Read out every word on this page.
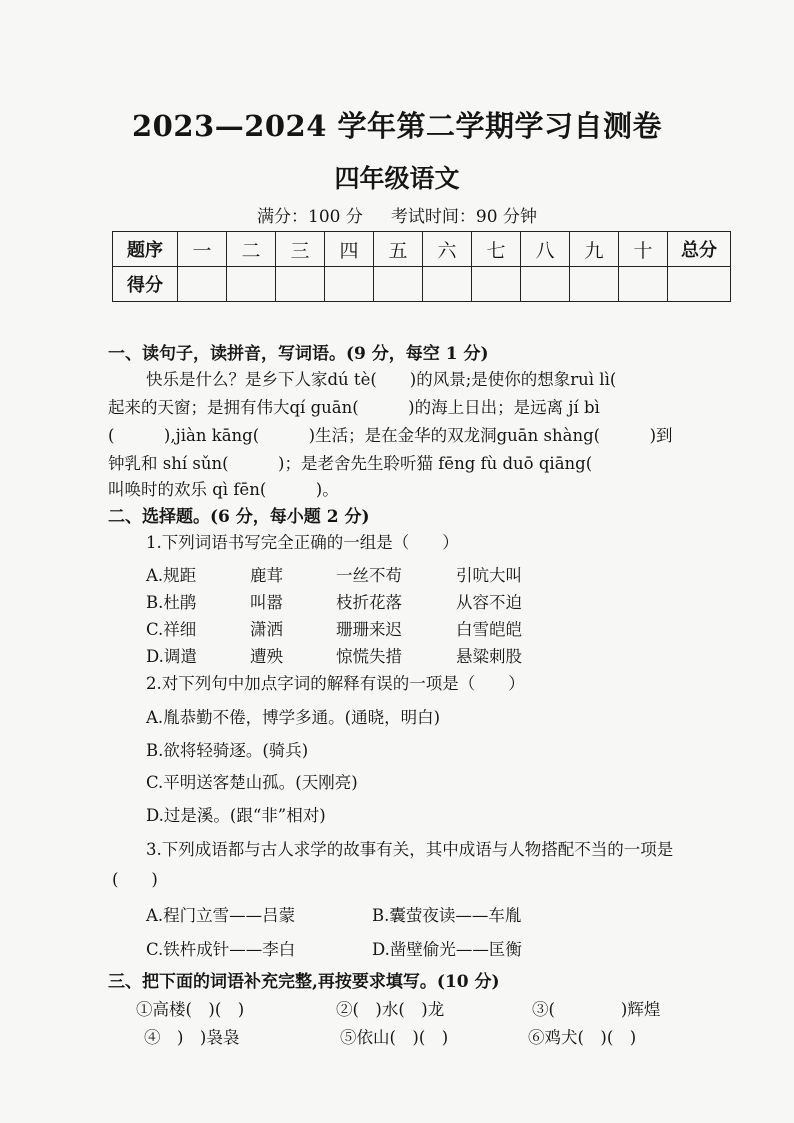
2023—2024 学年第二学期学习自测卷
四年级语文
满分：100 分 考试时间：90 分钟
题序	一	二	三	四	五	六	七	八	九	十	总分
得分											
一、读句子，读拼音，写词语。(9 分，每空 1 分)
快乐是什么？是乡下人家dú tè(　　)的风景;是使你的想象ruì lì(
起来的天窗；是拥有伟大qí guān(　　　)的海上日出；是远离 jí bì
(　　　),jiàn kāng(　　　)生活；是在金华的双龙洞guān shàng(　　　)到
钟乳和 shí sǔn(　　　)；是老舍先生聆听猫 fēng fù duō qiāng(
叫唤时的欢乐 qì fēn(　　　)。
二、选择题。(6 分，每小题 2 分)
1.下列词语书写完全正确的一组是（　　）
A.规距	鹿茸	一丝不苟	引吭大叫
B.杜鹃	叫嚣	枝折花落	从容不迫
C.祥细	潇洒	珊珊来迟	白雪皑皑
D.调遣	遭殃	惊慌失措	悬粱刺股
2.对下列句中加点字词的解释有误的一项是（　　）
A.胤恭勤不倦，博学多通。(通晓，明白)
B.欲将轻骑逐。(骑兵)
C.平明送客楚山孤。(天刚亮)
D.过是溪。(跟“非”相对)
3.下列成语都与古人求学的故事有关，其中成语与人物搭配不当的一项是
(　　)
A.程门立雪——吕蒙	B.囊萤夜读——车胤
C.铁杵成针——李白	D.凿壁偷光——匡衡
三、把下面的词语补充完整,再按要求填写。(10 分)
①高楼(　)(　)	②(　)水(　)龙	③(　　　　)辉煌
④　)　)袅袅	⑤依山(　)(　)	⑥鸡犬(　)(　)
